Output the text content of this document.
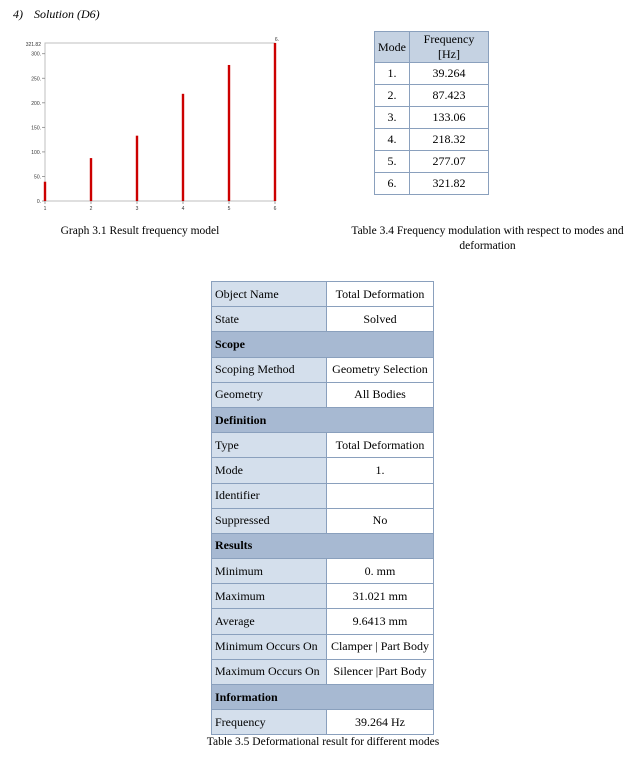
4) Solution (D6)
0.
50.
100.
150.
200.
250.
300.
321.82
1	2	3	4	5	6
6.
Graph 3.1 Result frequency model
Mode	Frequency [Hz]
1.	39.264
2.	87.423
3.	133.06
4.	218.32
5.	277.07
6.	321.82
Table 3.4 Frequency modulation with respect to modes and deformation
Object Name	Total Deformation
State	Solved
Scope	
Scoping Method	Geometry Selection
Geometry	All Bodies
Definition	
Type	Total Deformation
Mode	1.
Identifier	
Suppressed	No
Results	
Minimum	0. mm
Maximum	31.021 mm
Average	9.6413 mm
Minimum Occurs On	Clamper | Part Body
Maximum Occurs On	Silencer |Part Body
Information	
Frequency	39.264 Hz
Table 3.5 Deformational result for different modes
